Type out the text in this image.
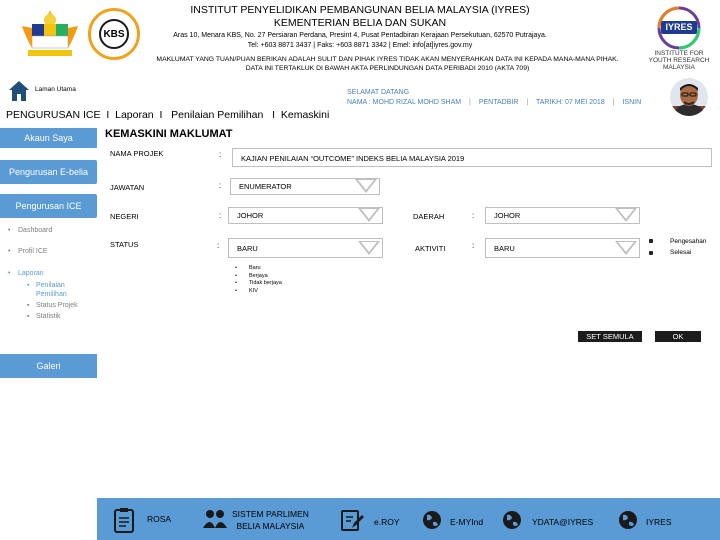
KBS
INSTITUT PENYELIDIKAN PEMBANGUNAN BELIA MALAYSIA (IYRES)
KEMENTERIAN BELIA DAN SUKAN
Aras 10, Menara KBS, No. 27 Persiaran Perdana, Presint 4, Pusat Pentadbiran Kerajaan Persekutuan, 62570 Putrajaya.
Tel: +603 8871 3437 | Faks: +603 8871 3342 | Emel: info[at]iyres.gov.my
MAKLUMAT YANG TUAN/PUAN BERIKAN ADALAH SULIT DAN PIHAK IYRES TIDAK AKAN MENYERAHKAN DATA INI KEPADA MANA-MANA PIHAK.
DATA INI TERTAKLUK DI BAWAH AKTA PERLINDUNGAN DATA PERIBADI 2010 (AKTA 709)
IYRES
INSTITUTE FOR
YOUTH RESEARCH
MALAYSIA
Laman Utama	SELAMAT DATANG
NAMA : MOHD RIZAL MOHD SHAM | PENTADBIR | TARIKH: 07 MEI 2018 | ISNIN
PENGURUSAN ICE  I  Laporan  I   Penilaian Pemilihan   I  Kemaskini
Akaun Saya
Pengurusan E-belia
Pengurusan ICE
• Dashboard
• Profil ICE
• Laporan
▪ Penilaian Pemilihan
▪ Status Projek
▪ Statistik
Galeri
KEMASKINI MAKLUMAT
NAMA PROJEK	:	KAJIAN PENILAIAN “OUTCOME” INDEKS BELIA MALAYSIA 2019
JAWATAN	:	ENUMERATOR
NEGERI	:	JOHOR	DAERAH	:	JOHOR
STATUS	:	BARU
• Baru
• Berjaya
• Tidak berjaya
• KIV
AKTIVITI	:	BARU
Pengesahan
Selesai
SET SEMULA	OK
ROSA	SISTEM PARLIMEN
BELIA MALAYSIA	e.ROY	E-MYInd	YDATA@IYRES	IYRES
